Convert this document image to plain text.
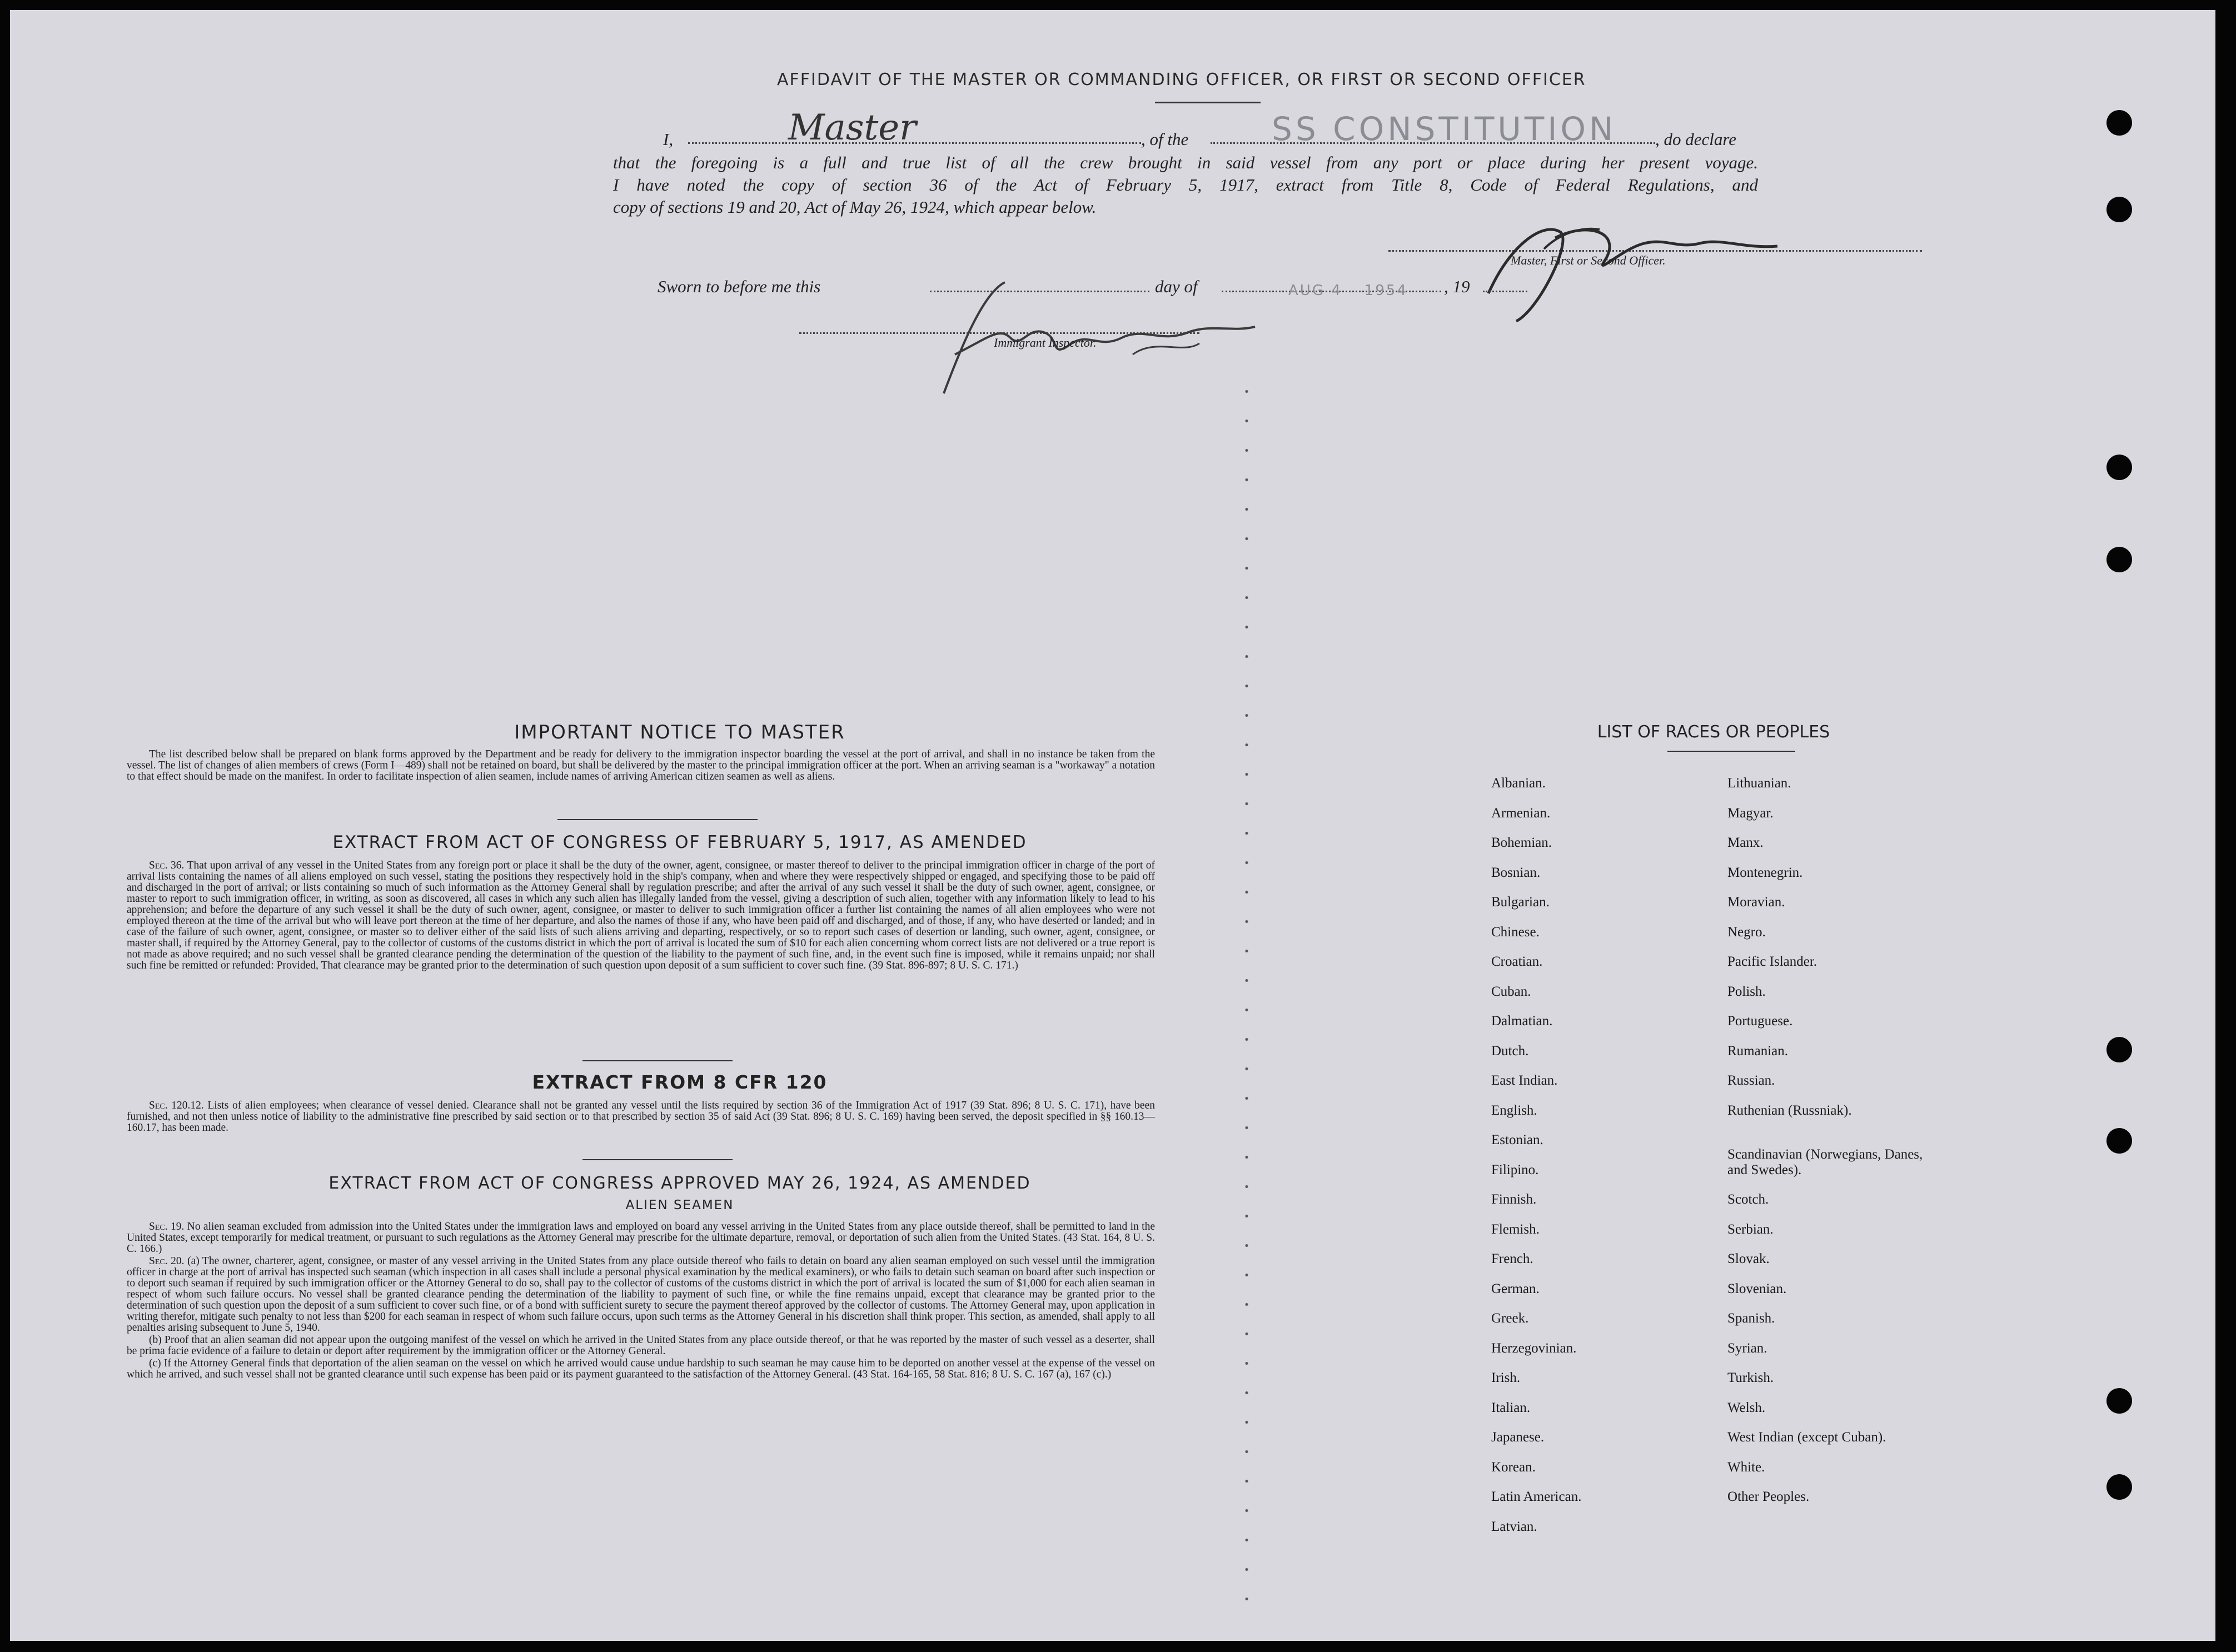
AFFIDAVIT OF THE MASTER OR COMMANDING OFFICER, OR FIRST OR SECOND OFFICER
I,	Master	, of the	SS CONSTITUTION , do declare

that the foregoing is a full and true list of all the crew brought in said vessel from any port or place during her present voyage.

I have noted the copy of section 36 of the Act of February 5, 1917, extract from Title 8, Code of Federal Regulations, and

copy of sections 19 and 20, Act of May 26, 1924, which appear below.

Master, First or Second Officer.
Sworn to before me this	day of	AUG 4 1954	, 19
Immigrant Inspector.
IMPORTANT NOTICE TO MASTER

The list described below shall be prepared on blank forms approved by the Department and be ready for delivery to the immigration inspector boarding the vessel at the port of arrival, and shall in no instance be taken from the vessel. The list of changes of alien members of crews (Form I—489) shall not be retained on board, but shall be delivered by the master to the principal immigration officer at the port. When an arriving seaman is a "workaway" a notation to that effect should be made on the manifest. In order to facilitate inspection of alien seamen, include names of arriving American citizen seamen as well as aliens.

EXTRACT FROM ACT OF CONGRESS OF FEBRUARY 5, 1917, AS AMENDED

Sec. 36. That upon arrival of any vessel in the United States from any foreign port or place it shall be the duty of the owner, agent, consignee, or master thereof to deliver to the principal immigration officer in charge of the port of arrival lists containing the names of all aliens employed on such vessel, stating the positions they respectively hold in the ship's company, when and where they were respectively shipped or engaged, and specifying those to be paid off and discharged in the port of arrival; or lists containing so much of such information as the Attorney General shall by regulation prescribe; and after the arrival of any such vessel it shall be the duty of such owner, agent, consignee, or master to report to such immigration officer, in writing, as soon as discovered, all cases in which any such alien has illegally landed from the vessel, giving a description of such alien, together with any information likely to lead to his apprehension; and before the departure of any such vessel it shall be the duty of such owner, agent, consignee, or master to deliver to such immigration officer a further list containing the names of all alien employees who were not employed thereon at the time of the arrival but who will leave port thereon at the time of her departure, and also the names of those if any, who have been paid off and discharged, and of those, if any, who have deserted or landed; and in case of the failure of such owner, agent, consignee, or master so to deliver either of the said lists of such aliens arriving and departing, respectively, or so to report such cases of desertion or landing, such owner, agent, consignee, or master shall, if required by the Attorney General, pay to the collector of customs of the customs district in which the port of arrival is located the sum of $10 for each alien concerning whom correct lists are not delivered or a true report is not made as above required; and no such vessel shall be granted clearance pending the determination of the question of the liability to the payment of such fine, and, in the event such fine is imposed, while it remains unpaid; nor shall such fine be remitted or refunded: Provided, That clearance may be granted prior to the determination of such question upon deposit of a sum sufficient to cover such fine. (39 Stat. 896-897; 8 U. S. C. 171.)

EXTRACT FROM 8 CFR 120

Sec. 120.12. Lists of alien employees; when clearance of vessel denied. Clearance shall not be granted any vessel until the lists required by section 36 of the Immigration Act of 1917 (39 Stat. 896; 8 U. S. C. 171), have been furnished, and not then unless notice of liability to the administrative fine prescribed by said section or to that prescribed by section 35 of said Act (39 Stat. 896; 8 U. S. C. 169) having been served, the deposit specified in §§ 160.13—160.17, has been made.

EXTRACT FROM ACT OF CONGRESS APPROVED MAY 26, 1924, AS AMENDED
ALIEN SEAMEN

Sec. 19. No alien seaman excluded from admission into the United States under the immigration laws and employed on board any vessel arriving in the United States from any place outside thereof, shall be permitted to land in the United States, except temporarily for medical treatment, or pursuant to such regulations as the Attorney General may prescribe for the ultimate departure, removal, or deportation of such alien from the United States. (43 Stat. 164, 8 U. S. C. 166.)

Sec. 20. (a) The owner, charterer, agent, consignee, or master of any vessel arriving in the United States from any place outside thereof who fails to detain on board any alien seaman employed on such vessel until the immigration officer in charge at the port of arrival has inspected such seaman (which inspection in all cases shall include a personal physical examination by the medical examiners), or who fails to detain such seaman on board after such inspection or to deport such seaman if required by such immigration officer or the Attorney General to do so, shall pay to the collector of customs of the customs district in which the port of arrival is located the sum of $1,000 for each alien seaman in respect of whom such failure occurs. No vessel shall be granted clearance pending the determination of the liability to payment of such fine, or while the fine remains unpaid, except that clearance may be granted prior to the determination of such question upon the deposit of a sum sufficient to cover such fine, or of a bond with sufficient surety to secure the payment thereof approved by the collector of customs. The Attorney General may, upon application in writing therefor, mitigate such penalty to not less than $200 for each seaman in respect of whom such failure occurs, upon such terms as the Attorney General in his discretion shall think proper. This section, as amended, shall apply to all penalties arising subsequent to June 5, 1940.

(b) Proof that an alien seaman did not appear upon the outgoing manifest of the vessel on which he arrived in the United States from any place outside thereof, or that he was reported by the master of such vessel as a deserter, shall be prima facie evidence of a failure to detain or deport after requirement by the immigration officer or the Attorney General.

(c) If the Attorney General finds that deportation of the alien seaman on the vessel on which he arrived would cause undue hardship to such seaman he may cause him to be deported on another vessel at the expense of the vessel on which he arrived, and such vessel shall not be granted clearance until such expense has been paid or its payment guaranteed to the satisfaction of the Attorney General. (43 Stat. 164-165, 58 Stat. 816; 8 U. S. C. 167 (a), 167 (c).)

LIST OF RACES OR PEOPLES
Albanian.
Armenian.
Bohemian.
Bosnian.
Bulgarian.
Chinese.
Croatian.
Cuban.
Dalmatian.
Dutch.
East Indian.
English.
Estonian.
Filipino.
Finnish.
Flemish.
French.
German.
Greek.
Herzegovinian.
Irish.
Italian.
Japanese.
Korean.
Latin American.
Latvian.
Lithuanian.
Magyar.
Manx.
Montenegrin.
Moravian.
Negro.
Pacific Islander.
Polish.
Portuguese.
Rumanian.
Russian.
Ruthenian (Russniak).
Scandinavian (Norwegians, Danes, and Swedes).
Scotch.
Serbian.
Slovak.
Slovenian.
Spanish.
Syrian.
Turkish.
Welsh.
West Indian (except Cuban).
White.
Other Peoples.
